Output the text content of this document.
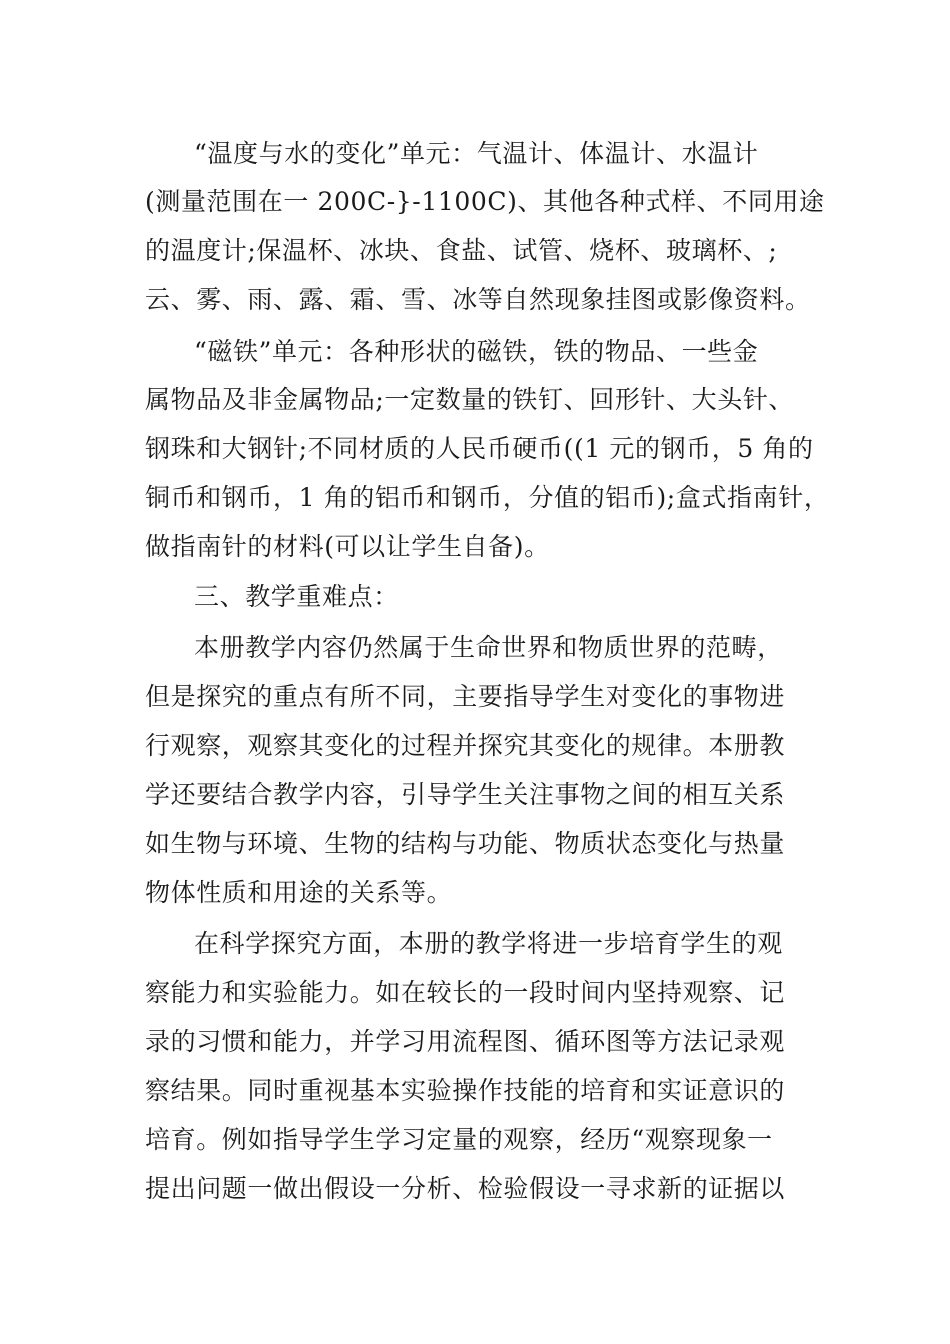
“温度与水的变化”单元：气温计、体温计、水温计
(测量范围在一 200C-}-1100C)、其他各种式样、不同用途
的温度计;保温杯、冰块、食盐、试管、烧杯、玻璃杯、;
云、雾、雨、露、霜、雪、冰等自然现象挂图或影像资料。
“磁铁”单元：各种形状的磁铁，铁的物品、一些金
属物品及非金属物品;一定数量的铁钉、回形针、大头针、
钢珠和大钢针;不同材质的人民币硬币((1 元的钢币，5 角的
铜币和钢币，1 角的铝币和钢币，分值的铝币);盒式指南针，
做指南针的材料(可以让学生自备)。
三、教学重难点：
本册教学内容仍然属于生命世界和物质世界的范畴，
但是探究的重点有所不同，主要指导学生对变化的事物进
行观察，观察其变化的过程并探究其变化的规律。本册教
学还要结合教学内容，引导学生关注事物之间的相互关系
如生物与环境、生物的结构与功能、物质状态变化与热量
物体性质和用途的关系等。
在科学探究方面，本册的教学将进一步培育学生的观
察能力和实验能力。如在较长的一段时间内坚持观察、记
录的习惯和能力，并学习用流程图、循环图等方法记录观
察结果。同时重视基本实验操作技能的培育和实证意识的
培育。例如指导学生学习定量的观察，经历“观察现象一
提出问题一做出假设一分析、检验假设一寻求新的证据以
